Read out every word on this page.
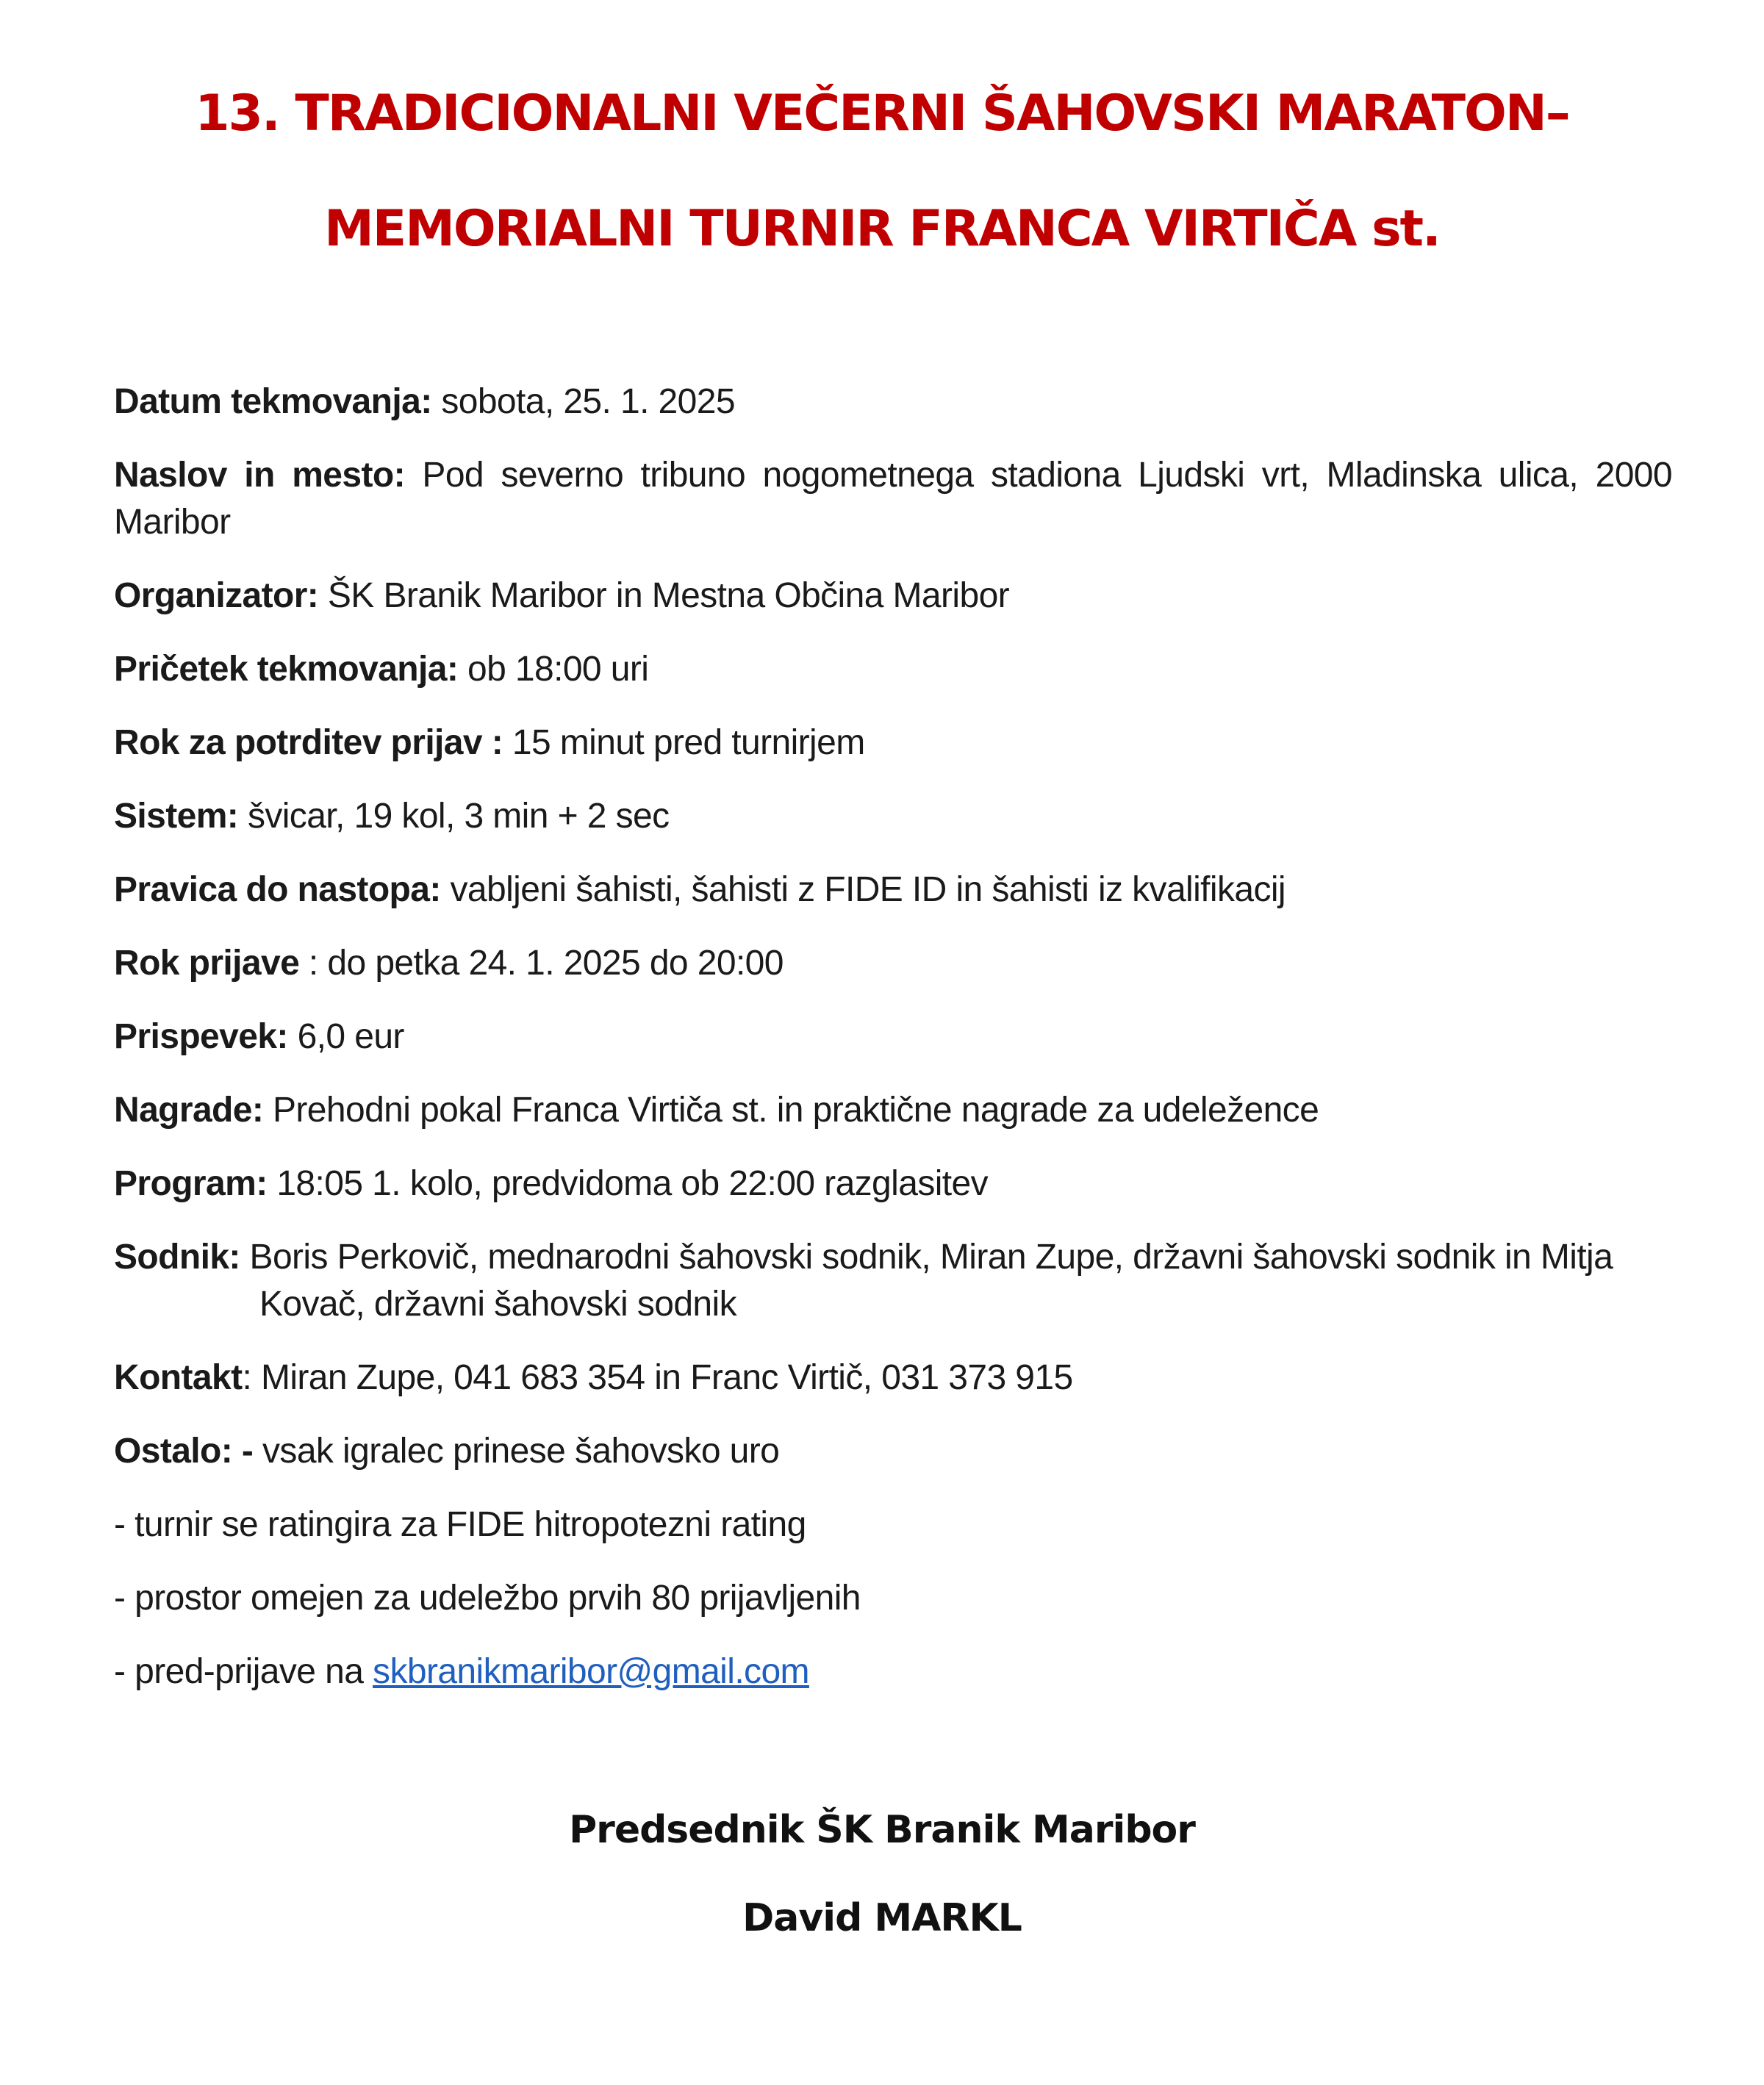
13. TRADICIONALNI VEČERNI ŠAHOVSKI MARATON–
MEMORIALNI TURNIR FRANCA VIRTIČA st.

Datum tekmovanja: sobota, 25. 1. 2025

Naslov in mesto: Pod severno tribuno nogometnega stadiona Ljudski vrt, Mladinska ulica, 2000 Maribor

Organizator: ŠK Branik Maribor in Mestna Občina Maribor

Pričetek tekmovanja: ob 18:00 uri

Rok za potrditev prijav : 15 minut pred turnirjem

Sistem: švicar, 19 kol, 3 min + 2 sec

Pravica do nastopa: vabljeni šahisti, šahisti z FIDE ID in šahisti iz kvalifikacij

Rok prijave : do petka 24. 1. 2025 do 20:00

Prispevek: 6,0 eur

Nagrade: Prehodni pokal Franca Virtiča st. in praktične nagrade za udeležence

Program: 18:05 1. kolo, predvidoma ob 22:00 razglasitev

Sodnik: Boris Perkovič, mednarodni šahovski sodnik, Miran Zupe, državni šahovski sodnik in Mitja Kovač, državni šahovski sodnik

Kontakt: Miran Zupe, 041 683 354 in Franc Virtič, 031 373 915

Ostalo: - vsak igralec prinese šahovsko uro

- turnir se ratingira za FIDE hitropotezni rating

- prostor omejen za udeležbo prvih 80 prijavljenih

- pred-prijave na skbranikmaribor@gmail.com

Predsednik ŠK Branik Maribor
David MARKL
